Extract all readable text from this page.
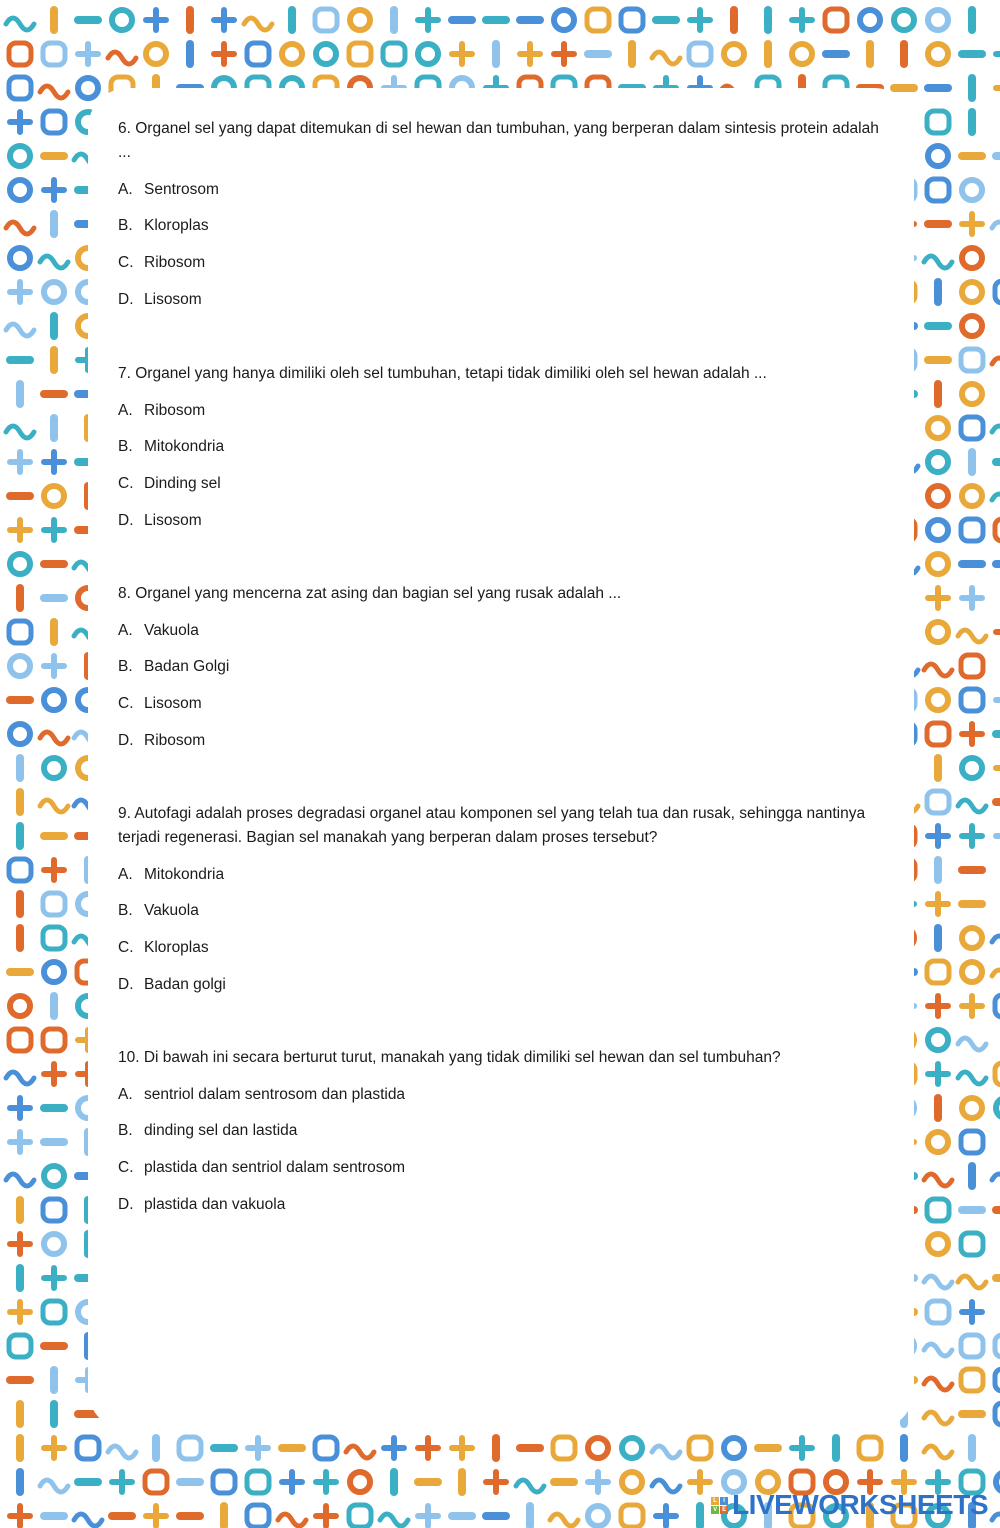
6. Organel sel yang dapat ditemukan di sel hewan dan tumbuhan, yang berperan dalam sintesis protein adalah ...

A. Sentrosom
B. Kloroplas
C. Ribosom
D. Lisosom

7. Organel yang hanya dimiliki oleh sel tumbuhan, tetapi tidak dimiliki oleh sel hewan adalah ...

A. Ribosom
B. Mitokondria
C. Dinding sel
D. Lisosom

8. Organel yang mencerna zat asing dan bagian sel yang rusak adalah ...

A. Vakuola
B. Badan Golgi
C. Lisosom
D. Ribosom

9. Autofagi adalah proses degradasi organel atau komponen sel yang telah tua dan rusak, sehingga nantinya terjadi regenerasi. Bagian sel manakah yang berperan dalam proses tersebut?

A. Mitokondria
B. Vakuola
C. Kloroplas
D. Badan golgi

10. Di bawah ini secara berturut turut, manakah yang tidak dimiliki sel hewan dan sel tumbuhan?

A. sentriol dalam sentrosom dan plastida
B. dinding sel dan lastida
C. plastida dan sentriol dalam sentrosom
D. plastida dan vakuola
L	I
V E LIVEWORKSHEETS
